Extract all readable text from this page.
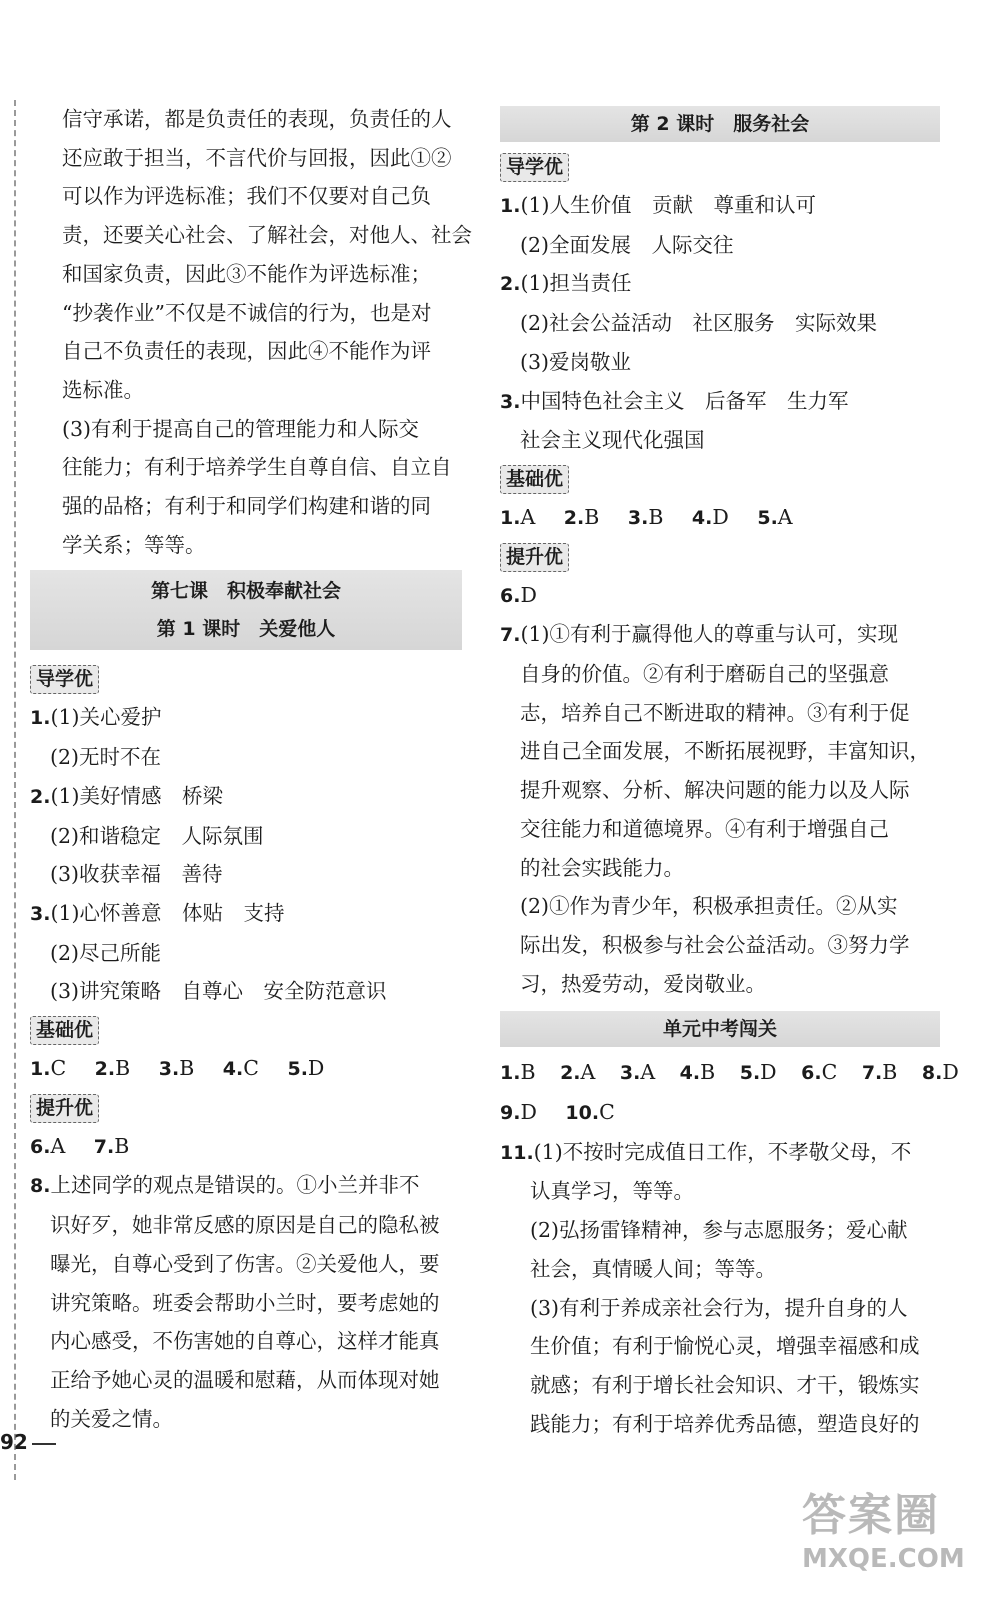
信守承诺，都是负责任的表现，负责任的人
还应敢于担当，不言代价与回报，因此①②
可以作为评选标准；我们不仅要对自己负
责，还要关心社会、了解社会，对他人、社会
和国家负责，因此③不能作为评选标准；
“抄袭作业”不仅是不诚信的行为，也是对
自己不负责任的表现，因此④不能作为评
选标准。
(3)有利于提高自己的管理能力和人际交
往能力；有利于培养学生自尊自信、自立自
强的品格；有利于和同学们构建和谐的同
学关系；等等。
第七课　积极奉献社会
第 1 课时　关爱他人
导学优
1.(1)关心爱护
(2)无时不在
2.(1)美好情感　桥梁
(2)和谐稳定　人际氛围
(3)收获幸福　善待
3.(1)心怀善意　体贴　支持
(2)尽己所能
(3)讲究策略　自尊心　安全防范意识
基础优
1.C 2.B 3.B 4.C 5.D
提升优
6.A 7.B
8.上述同学的观点是错误的。①小兰并非不
识好歹，她非常反感的原因是自己的隐私被
曝光，自尊心受到了伤害。②关爱他人，要
讲究策略。班委会帮助小兰时，要考虑她的
内心感受，不伤害她的自尊心，这样才能真
正给予她心灵的温暖和慰藉，从而体现对她
的关爱之情。
92
第 2 课时　服务社会
导学优
1.(1)人生价值　贡献　尊重和认可
(2)全面发展　人际交往
2.(1)担当责任
(2)社会公益活动　社区服务　实际效果
(3)爱岗敬业
3.中国特色社会主义　后备军　生力军
社会主义现代化强国
基础优
1.A 2.B 3.B 4.D 5.A
提升优
6.D
7.(1)①有利于赢得他人的尊重与认可，实现
自身的价值。②有利于磨砺自己的坚强意
志，培养自己不断进取的精神。③有利于促
进自己全面发展，不断拓展视野，丰富知识，
提升观察、分析、解决问题的能力以及人际
交往能力和道德境界。④有利于增强自己
的社会实践能力。
(2)①作为青少年，积极承担责任。②从实
际出发，积极参与社会公益活动。③努力学
习，热爱劳动，爱岗敬业。
单元中考闯关
1.B 2.A 3.A 4.B 5.D 6.C 7.B 8.D
9.D 10.C
11.(1)不按时完成值日工作，不孝敬父母，不
认真学习，等等。
(2)弘扬雷锋精神，参与志愿服务；爱心献
社会，真情暖人间；等等。
(3)有利于养成亲社会行为，提升自身的人
生价值；有利于愉悦心灵，增强幸福感和成
就感；有利于增长社会知识、才干，锻炼实
践能力；有利于培养优秀品德，塑造良好的
答案圈
MXQE.COM
